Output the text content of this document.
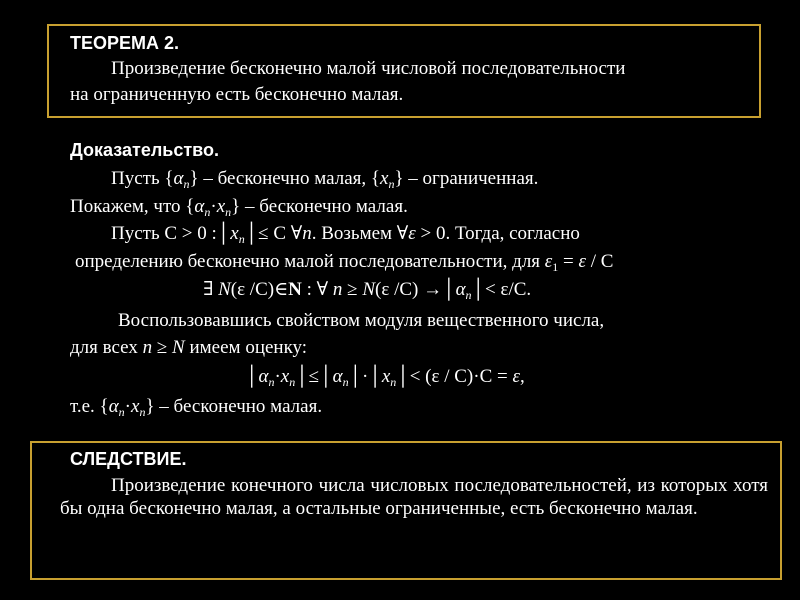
ТЕОРЕМА 2.
Произведение бесконечно малой числовой последовательности
на ограниченную есть бесконечно малая.
Доказательство.
Пусть $\{\alpha_n\}$ – бесконечно малая, $\{x_n\}$ – ограниченная.
Покажем, что $\{\alpha_n\cdot x_n\}$ – бесконечно малая.
Пусть С > 0 $:│x_n│\le C$ ∀n. Возьмем ∀ε > 0. Тогда, согласно
определению бесконечно малой последовательности, для $\varepsilon_1 = \varepsilon / С$
∃ N(ε /С)∈N : ∀ n ≥ N(ε $/С) \to│\alpha_n│< \varepsilon/С$.
Воспользовавшись свойством модуля вещественного числа,
для всех n ≥ N имеем оценку:
$│\alpha_n\cdot x_n│\le│\alpha_n│\cdot│x_n│< (\varepsilon / С)\cdot С = \varepsilon$,
т.е. $\{\alpha_n\cdot x_n\}$ – бесконечно малая.
СЛЕДСТВИЕ.
Произведение конечного числа числовых последовательностей, из которых хотя бы одна бесконечно малая, а остальные ограниченные, есть бесконечно малая.
